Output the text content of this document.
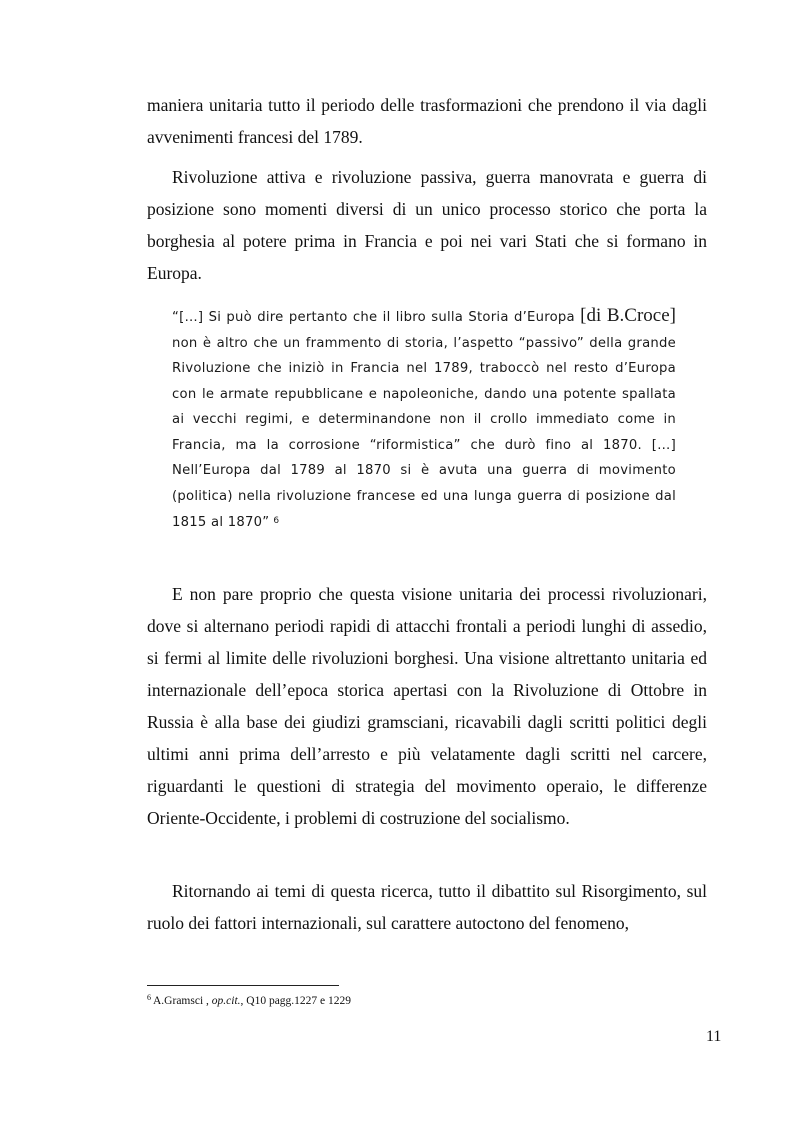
maniera unitaria tutto il periodo delle trasformazioni che prendono il via dagli avvenimenti francesi del 1789.

Rivoluzione attiva e rivoluzione passiva, guerra manovrata e guerra di posizione sono momenti diversi di un unico processo storico che porta la borghesia al potere prima in Francia e poi nei vari Stati che si formano in Europa.

“[…] Si può dire pertanto che il libro sulla Storia d’Europa [di B.Croce] non è altro che un frammento di storia, l’aspetto “passivo” della grande Rivoluzione che iniziò in Francia nel 1789, traboccò nel resto d’Europa con le armate repubblicane e napoleoniche, dando una potente spallata ai vecchi regimi, e determinandone non il crollo immediato come in Francia, ma la corrosione “riformistica” che durò fino al 1870. […] Nell’Europa dal 1789 al 1870 si è avuta una guerra di movimento (politica) nella rivoluzione francese ed una lunga guerra di posizione dal 1815 al 1870” $^6$

E non pare proprio che questa visione unitaria dei processi rivoluzionari, dove si alternano periodi rapidi di attacchi frontali a periodi lunghi di assedio, si fermi al limite delle rivoluzioni borghesi. Una visione altrettanto unitaria ed internazionale dell’epoca storica apertasi con la Rivoluzione di Ottobre in Russia è alla base dei giudizi gramsciani, ricavabili dagli scritti politici degli ultimi anni prima dell’arresto e più velatamente dagli scritti nel carcere, riguardanti le questioni di strategia del movimento operaio, le differenze Oriente-Occidente, i problemi di costruzione del socialismo.

Ritornando ai temi di questa ricerca, tutto il dibattito sul Risorgimento, sul ruolo dei fattori internazionali, sul carattere autoctono del fenomeno,

$^6$ A.Gramsci , op.cit., Q10 pagg.1227 e 1229

11
